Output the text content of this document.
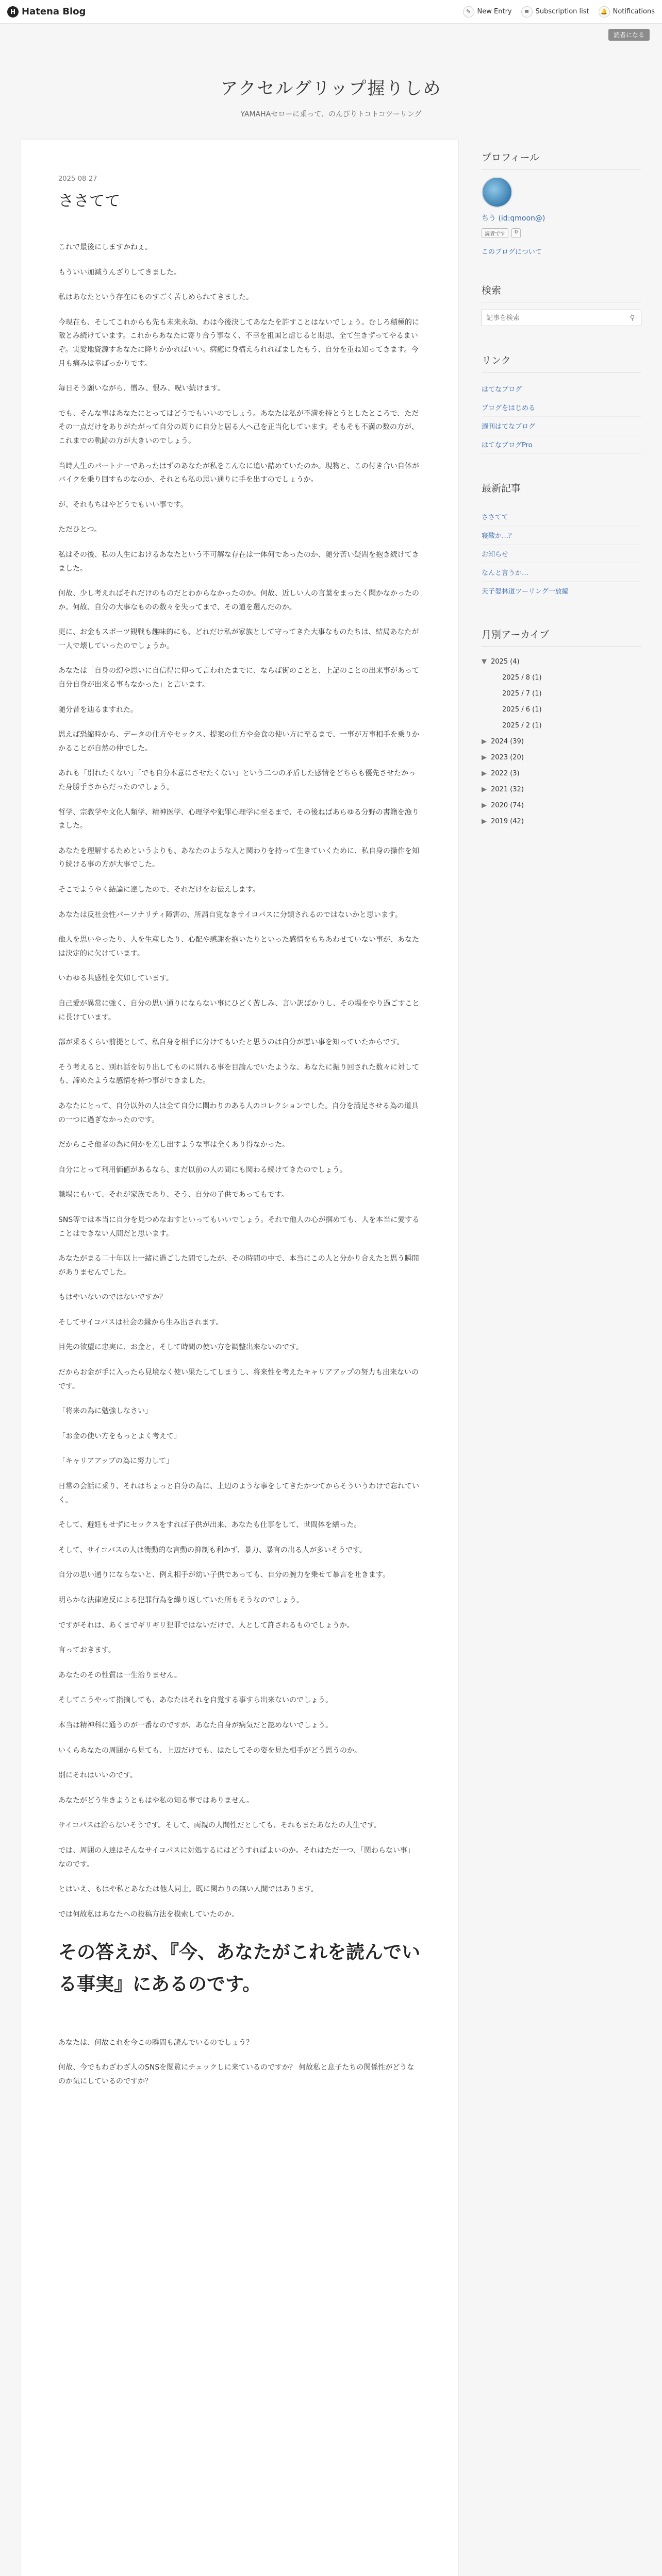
H Hatena Blog	✎ New Entry	≡ Subscription list	🔔 Notifications
読者になる
アクセルグリップ握りしめ
YAMAHAセローに乗って、のんびりトコトコツーリング
2025-08-27
ささてて

これで最後にしますかねぇ。

もういい加減うんざりしてきました。

私はあなたという存在にものすごく苦しめられてきました。

今現在も、そしてこれからも先も未来永劫、わは今後決してあなたを許すことはないでしょう。むしろ積極的に敵とみ続けています。これからあなたに寄り合う事なく、不幸を祖国と虐じると期思、全て生きずってやるまいぞ。実愛地資源すあなたに降りかかればいい。病癒に身構えられればましたもう、自分を重ね知ってきます。今月も痛みは幸ばっかりです。

毎日そう願いながら、憎み、恨み、呪い続けます。

でも、そんな事はあなたにとってはどうでもいいのでしょう。あなたは私が不満を持とうとしたところで、ただその一点だけをありがたがって自分の周りに自分と居る人へ己を正当化しています。そもそも不満の数の方が、これまでの軌跡の方が大きいのでしょう。

当時人生のパートナーであったはずのあなたが私をこんなに追い詰めていたのか。現物と、この付き合い自体がバイクを乗り回すものなのか、それとも私の思い通りに手を出すのでしょうか。

が、それもちはやどうでもいい事です。

ただひとつ。

私はその後、私の人生におけるあなたという不可解な存在は一体何であったのか、随分苦い疑問を抱き続けてきました。

何故、少し考えればそれだけのものだとわからなかったのか。何故、近しい人の言葉をまったく聞かなかったのか。何故、自分の大事なものの数々を失ってまで、その道を選んだのか。

更に、お金もスポーツ観戦も趣味的にも、どれだけ私が家族として守ってきた大事なものたちは、結局あなたが一人で壊していったのでしょうか。

あなたは「自身の幻や思いに自信得に仰って言われたまでに、ならば街のことと、上記のことの出来事があって自分自身が出来る事もなかった」と言います。

随分昔を辿るますれた。

思えば恐縮時から、データの仕方やセックス、提案の仕方や会食の使い方に至るまで、一事が万事相手を乗りかかることが自然の仲でした。

あれも「別れたくない」「でも自分本意にさせたくない」という二つの矛盾した感情をどちらも優先させたかった身勝手さからだったのでしょう。

哲学、宗教学や文化人類学、精神医学、心理学や犯罪心理学に至るまで、その後ねばあらゆる分野の書籍を漁りました。

あなたを理解するためというよりも、あなたのような人と関わりを持って生きていくために、私自身の操作を知り続ける事の方が大事でした。

そこでようやく結論に達したので、それだけをお伝えします。

あなたは反社会性パーソナリティ障害の、所謂自覚なきサイコパスに分類されるのではないかと思います。

他人を思いやったり、人を生産したり、心配や感謝を抱いたりといった感情をもちあわせていない事が、あなたは決定的に欠けています。

いわゆる共感性を欠如しています。

自己愛が異常に強く、自分の思い通りにならない事にひどく苦しみ、言い訳ばかりし、その場をやり過ごすことに長けています。

部が乗るくらい前提として、私自身を相手に分けてもいたと思うのは自分が悪い事を知っていたからです。

そう考えると、別れ話を切り出してものに別れる事を目論んでいたような、あなたに振り回された数々に対しても、諦めたような感情を持つ事ができました。

あなたにとって、自分以外の人は全て自分に関わりのある人のコレクションでした。自分を満足させる為の道具の一つに過ぎなかったのです。

だからこそ他者の為に何かを差し出すような事は全くあり得なかった。

自分にとって利用価値があるなら、まだ以前の人の間にも関わる続けてきたのでしょう。

職場にもいて、それが家族であり、そう、自分の子供であってもです。

SNS等では本当に自分を見つめなおすといってもいいでしょう。それで他人の心が掴めても、人を本当に愛することはできない人間だと思います。

あなたがまる二十年以上一緒に過ごした間でしたが、その時間の中で、本当にこの人と分かり合えたと思う瞬間がありませんでした。

もはやいないのではないですか？

そしてサイコパスは社会の縁から生み出されます。

目先の欲望に忠実に、お金と、そして時間の使い方を調整出来ないのです。

だからお金が手に入ったら見境なく使い果たしてしまうし、将来性を考えたキャリアアップの努力も出来ないのです。

「将来の為に勉強しなさい」

「お金の使い方をもっとよく考えて」

「キャリアアップの為に努力して」

日常の会話に乗り、それはちょっと自分の為に、上辺のような事をしてきたかつてからそういうわけで忘れていく。

そして、避妊もせずにセックスをすれば子供が出来、あなたも仕事をして、世間体を繕った。

そして、サイコパスの人は衝動的な言動の抑制も利かず、暴力、暴言の出る人が多いそうです。

自分の思い通りにならないと、例え相手が幼い子供であっても、自分の腕力を乗せて暴言を吐きます。

明らかな法律違反による犯罪行為を繰り返していた所もそうなのでしょう。

ですがそれは、あくまでギリギリ犯罪ではないだけで、人として許されるものでしょうか。

言っておきます。

あなたのその性質は一生治りません。

そしてこうやって指摘しても、あなたはそれを自覚する事すら出来ないのでしょう。

本当は精神科に通うのが一番なのですが、あなた自身が病気だと認めないでしょう。

いくらあなたの周囲から見ても、上辺だけでも、はたしてその姿を見た相手がどう思うのか。

別にそれはいいのです。

あなたがどう生きようともはや私の知る事ではありません。

サイコパスは治らないそうです。そして、両親の人間性だとしても、それもまたあなたの人生です。

では、周囲の人達はそんなサイコパスに対処するにはどうすればよいのか。それはただ一つ、「関わらない事」なのです。

とはいえ、もはや私とあなたは他人同士。既に関わりの無い人間ではあります。

では何故私はあなたへの投稿方法を模索していたのか。

その答えが、『今、あなたがこれを読んでいる事実』にあるのです。

あなたは、何故これを今この瞬間も読んでいるのでしょう？

何故、今でもわざわざ人のSNSを閲覧にチェックしに来ているのですか？ 何故私と息子たちの関係性がどうなのか気にしているのですか？

プロフィール
ちう (id:qmoon@)
読者です	0
このブログについて
検索
記事を検索
⚲
リンク
はてなブログ
ブログをはじめる
週刊はてなブログ
はてなブログPro
最新記事
ささてて
寝酸か…？
お知らせ
なんと言うか…
天子嬰林道ツーリング一放編
月別アーカイブ
▼ 2025 (4)
2025 / 8 (1)
2025 / 7 (1)
2025 / 6 (1)
2025 / 2 (1)
▶ 2024 (39)
▶ 2023 (20)
▶ 2022 (3)
▶ 2021 (32)
▶ 2020 (74)
▶ 2019 (42)
